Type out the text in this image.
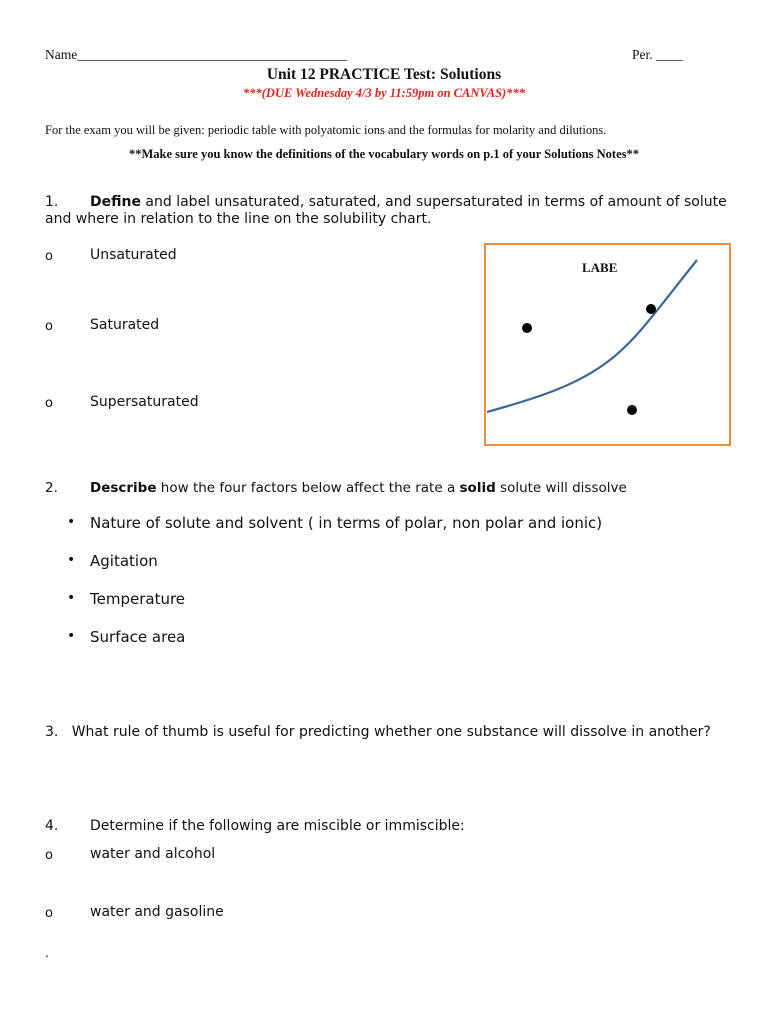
Name________________________________________	Per. ____
Unit 12 PRACTICE Test: Solutions
***(DUE Wednesday 4/3 by 11:59pm on CANVAS)***
For the exam you will be given: periodic table with polyatomic ions and the formulas for molarity and dilutions.
**Make sure you know the definitions of the vocabulary words on p.1 of your Solutions Notes**
1. Define and label unsaturated, saturated, and supersaturated in terms of amount of solute and where in relation to the line on the solubility chart.
o	Unsaturated
o	Saturated
o	Supersaturated
LABE
2. Describe how the four factors below affect the rate a solid solute will dissolve
• Nature of solute and solvent ( in terms of polar, non polar and ionic)
• Agitation
• Temperature
• Surface area
3. What rule of thumb is useful for predicting whether one substance will dissolve in another?
4. Determine if the following are miscible or immiscible:
o	water and alcohol
o	water and gasoline
.
